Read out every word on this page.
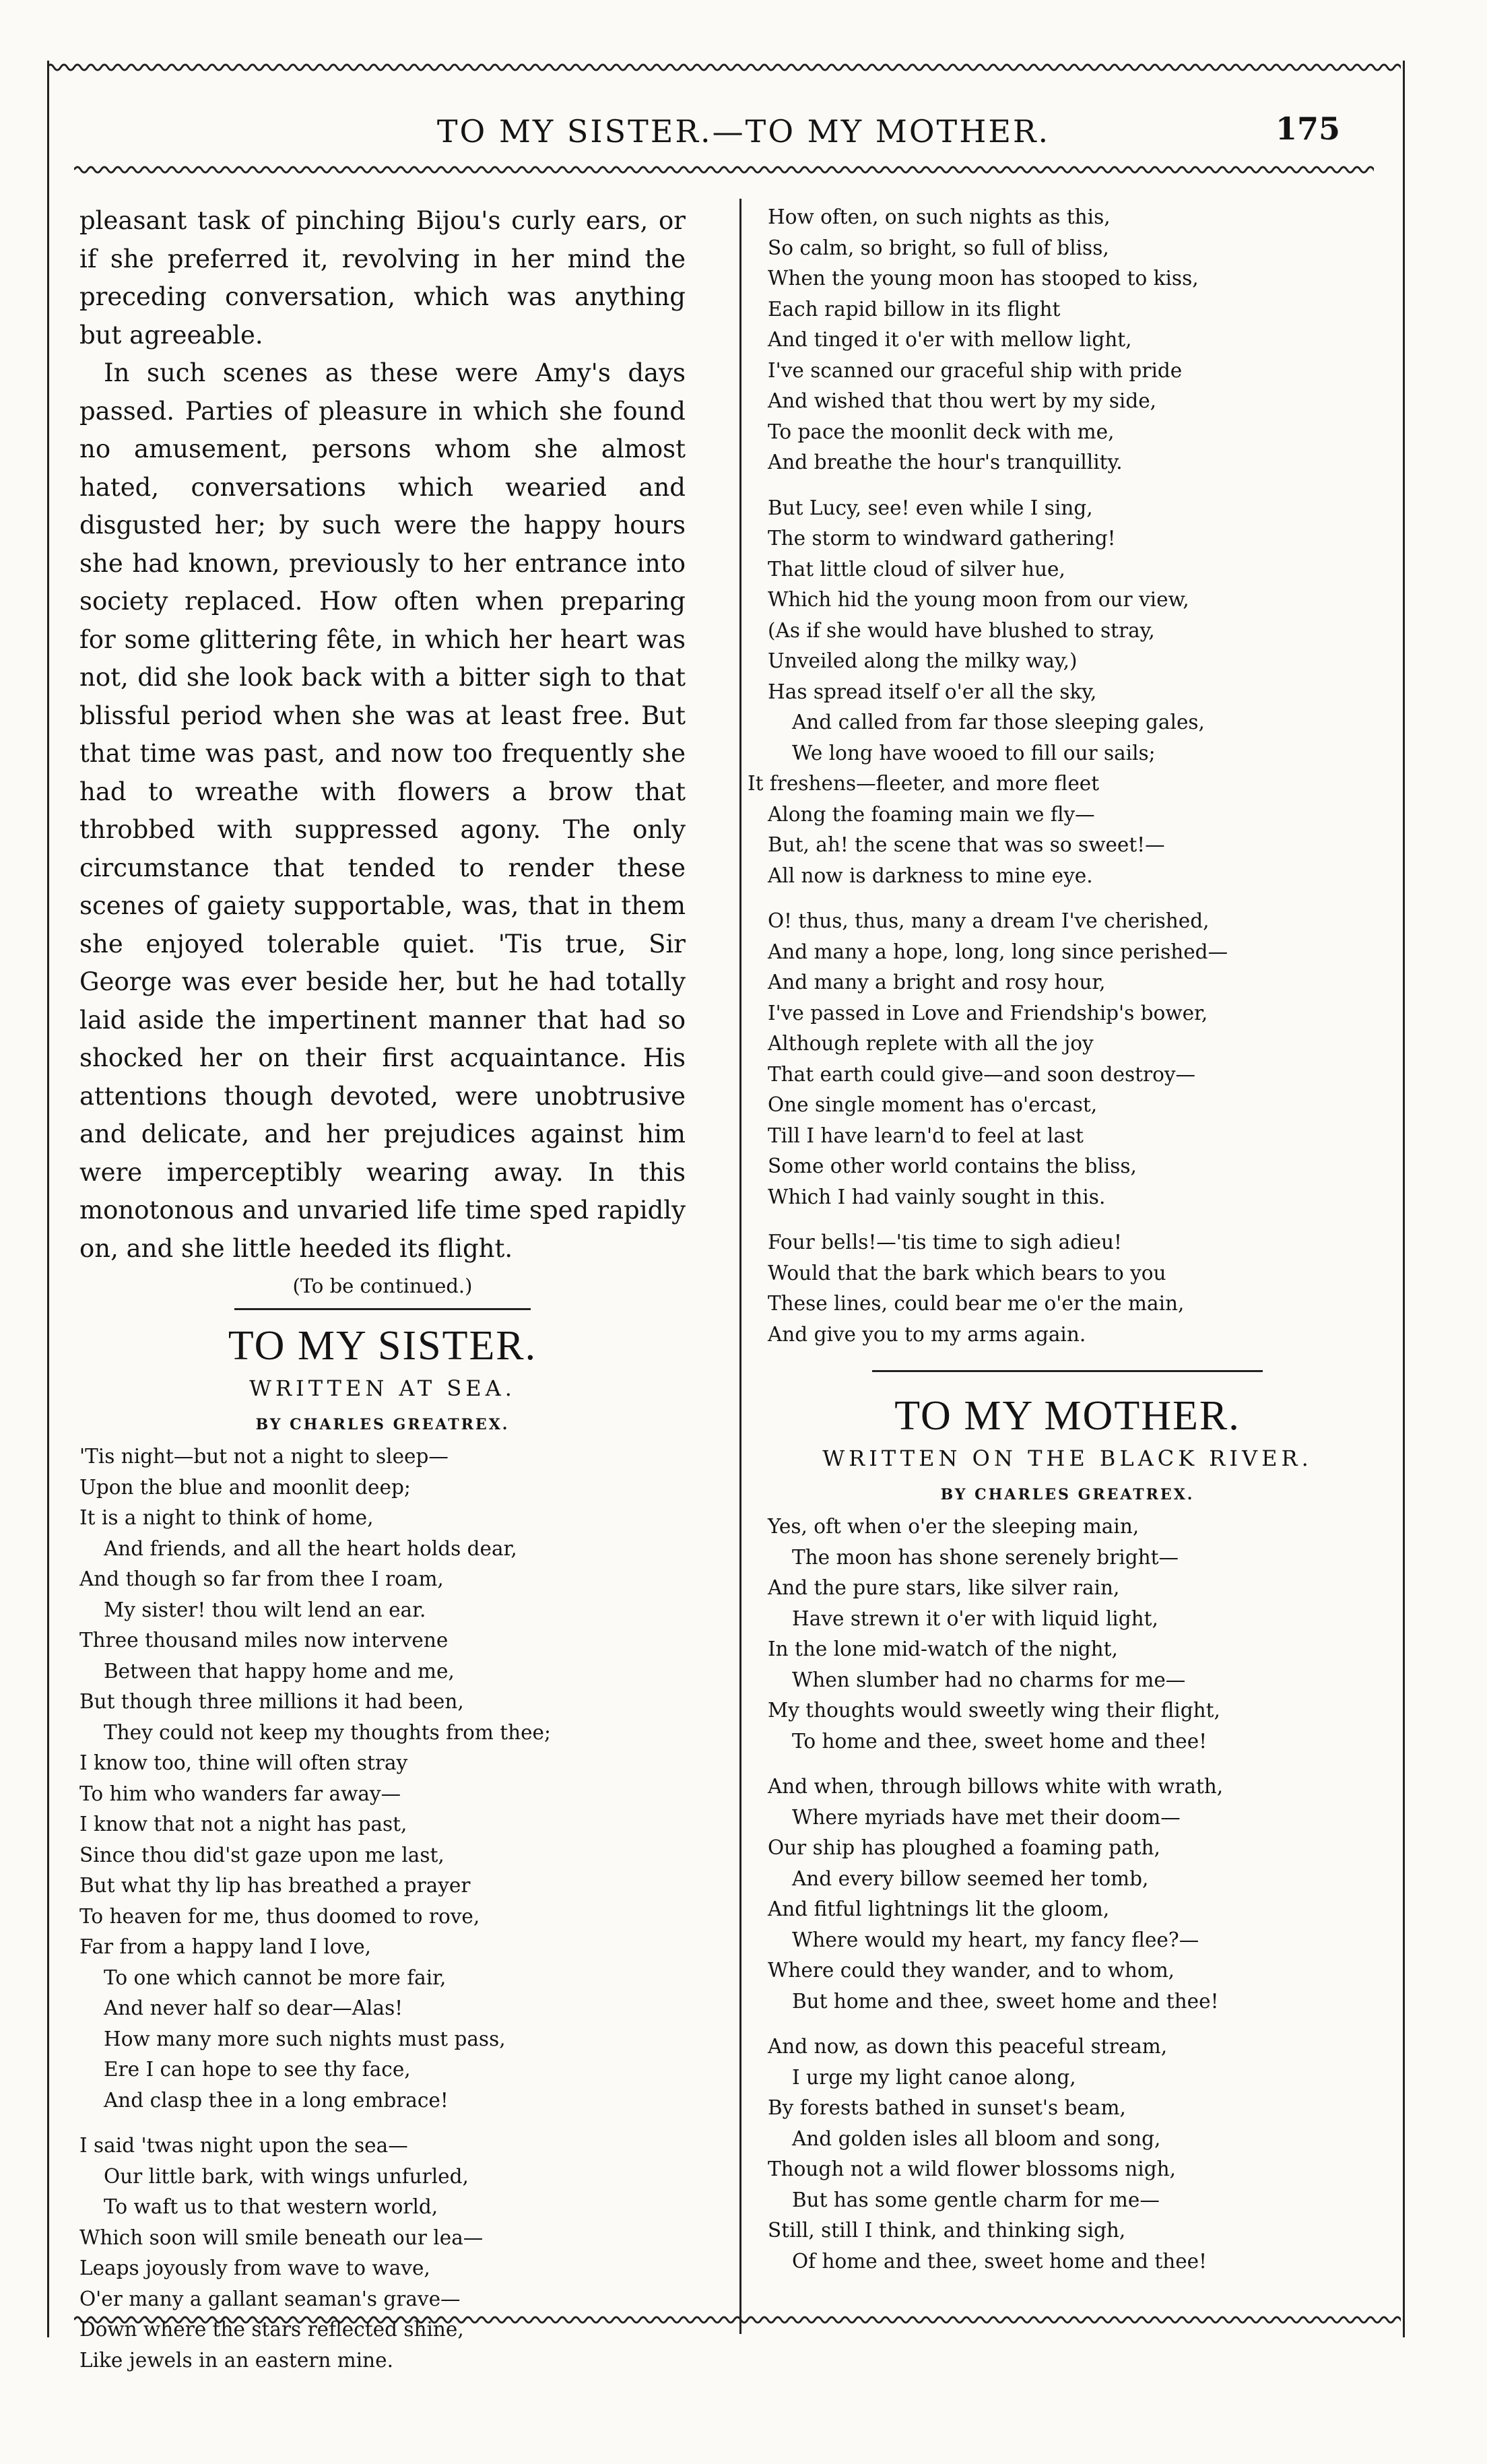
TO MY SISTER.—TO MY MOTHER.	175

pleasant task of pinching Bijou's curly ears, or if she preferred it, revolving in her mind the preceding conversation, which was anything but agreeable.

In such scenes as these were Amy's days passed. Parties of pleasure in which she found no amusement, persons whom she almost hated, conversations which wearied and disgusted her; by such were the happy hours she had known, previously to her entrance into society replaced. How often when preparing for some glittering fête, in which her heart was not, did she look back with a bitter sigh to that blissful period when she was at least free. But that time was past, and now too frequently she had to wreathe with flowers a brow that throbbed with suppressed agony. The only circumstance that tended to render these scenes of gaiety supportable, was, that in them she enjoyed tolerable quiet. 'Tis true, Sir George was ever beside her, but he had totally laid aside the impertinent manner that had so shocked her on their first acquaintance. His attentions though devoted, were unobtrusive and delicate, and her prejudices against him were imperceptibly wearing away. In this monotonous and unvaried life time sped rapidly on, and she little heeded its flight.

(To be continued.)
TO MY SISTER.
WRITTEN AT SEA.
BY CHARLES GREATREX.
'Tis night—but not a night to sleep—
Upon the blue and moonlit deep;
It is a night to think of home,
And friends, and all the heart holds dear,
And though so far from thee I roam,
My sister! thou wilt lend an ear.
Three thousand miles now intervene
Between that happy home and me,
But though three millions it had been,
They could not keep my thoughts from thee;
I know too, thine will often stray
To him who wanders far away—
I know that not a night has past,
Since thou did'st gaze upon me last,
But what thy lip has breathed a prayer
To heaven for me, thus doomed to rove,
Far from a happy land I love,
To one which cannot be more fair,
And never half so dear—Alas!
How many more such nights must pass,
Ere I can hope to see thy face,
And clasp thee in a long embrace!
I said 'twas night upon the sea—
Our little bark, with wings unfurled,
To waft us to that western world,
Which soon will smile beneath our lea—
Leaps joyously from wave to wave,
O'er many a gallant seaman's grave—
Down where the stars reflected shine,
Like jewels in an eastern mine.
How often, on such nights as this,
So calm, so bright, so full of bliss,
When the young moon has stooped to kiss,
Each rapid billow in its flight
And tinged it o'er with mellow light,
I've scanned our graceful ship with pride
And wished that thou wert by my side,
To pace the moonlit deck with me,
And breathe the hour's tranquillity.
But Lucy, see! even while I sing,
The storm to windward gathering!
That little cloud of silver hue,
Which hid the young moon from our view,
(As if she would have blushed to stray,
Unveiled along the milky way,)
Has spread itself o'er all the sky,
And called from far those sleeping gales,
We long have wooed to fill our sails;
It freshens—fleeter, and more fleet
Along the foaming main we fly—
But, ah! the scene that was so sweet!—
All now is darkness to mine eye.
O! thus, thus, many a dream I've cherished,
And many a hope, long, long since perished—
And many a bright and rosy hour,
I've passed in Love and Friendship's bower,
Although replete with all the joy
That earth could give—and soon destroy—
One single moment has o'ercast,
Till I have learn'd to feel at last
Some other world contains the bliss,
Which I had vainly sought in this.
Four bells!—'tis time to sigh adieu!
Would that the bark which bears to you
These lines, could bear me o'er the main,
And give you to my arms again.
TO MY MOTHER.
WRITTEN ON THE BLACK RIVER.
BY CHARLES GREATREX.
Yes, oft when o'er the sleeping main,
The moon has shone serenely bright—
And the pure stars, like silver rain,
Have strewn it o'er with liquid light,
In the lone mid-watch of the night,
When slumber had no charms for me—
My thoughts would sweetly wing their flight,
To home and thee, sweet home and thee!
And when, through billows white with wrath,
Where myriads have met their doom—
Our ship has ploughed a foaming path,
And every billow seemed her tomb,
And fitful lightnings lit the gloom,
Where would my heart, my fancy flee?—
Where could they wander, and to whom,
But home and thee, sweet home and thee!
And now, as down this peaceful stream,
I urge my light canoe along,
By forests bathed in sunset's beam,
And golden isles all bloom and song,
Though not a wild flower blossoms nigh,
But has some gentle charm for me—
Still, still I think, and thinking sigh,
Of home and thee, sweet home and thee!
